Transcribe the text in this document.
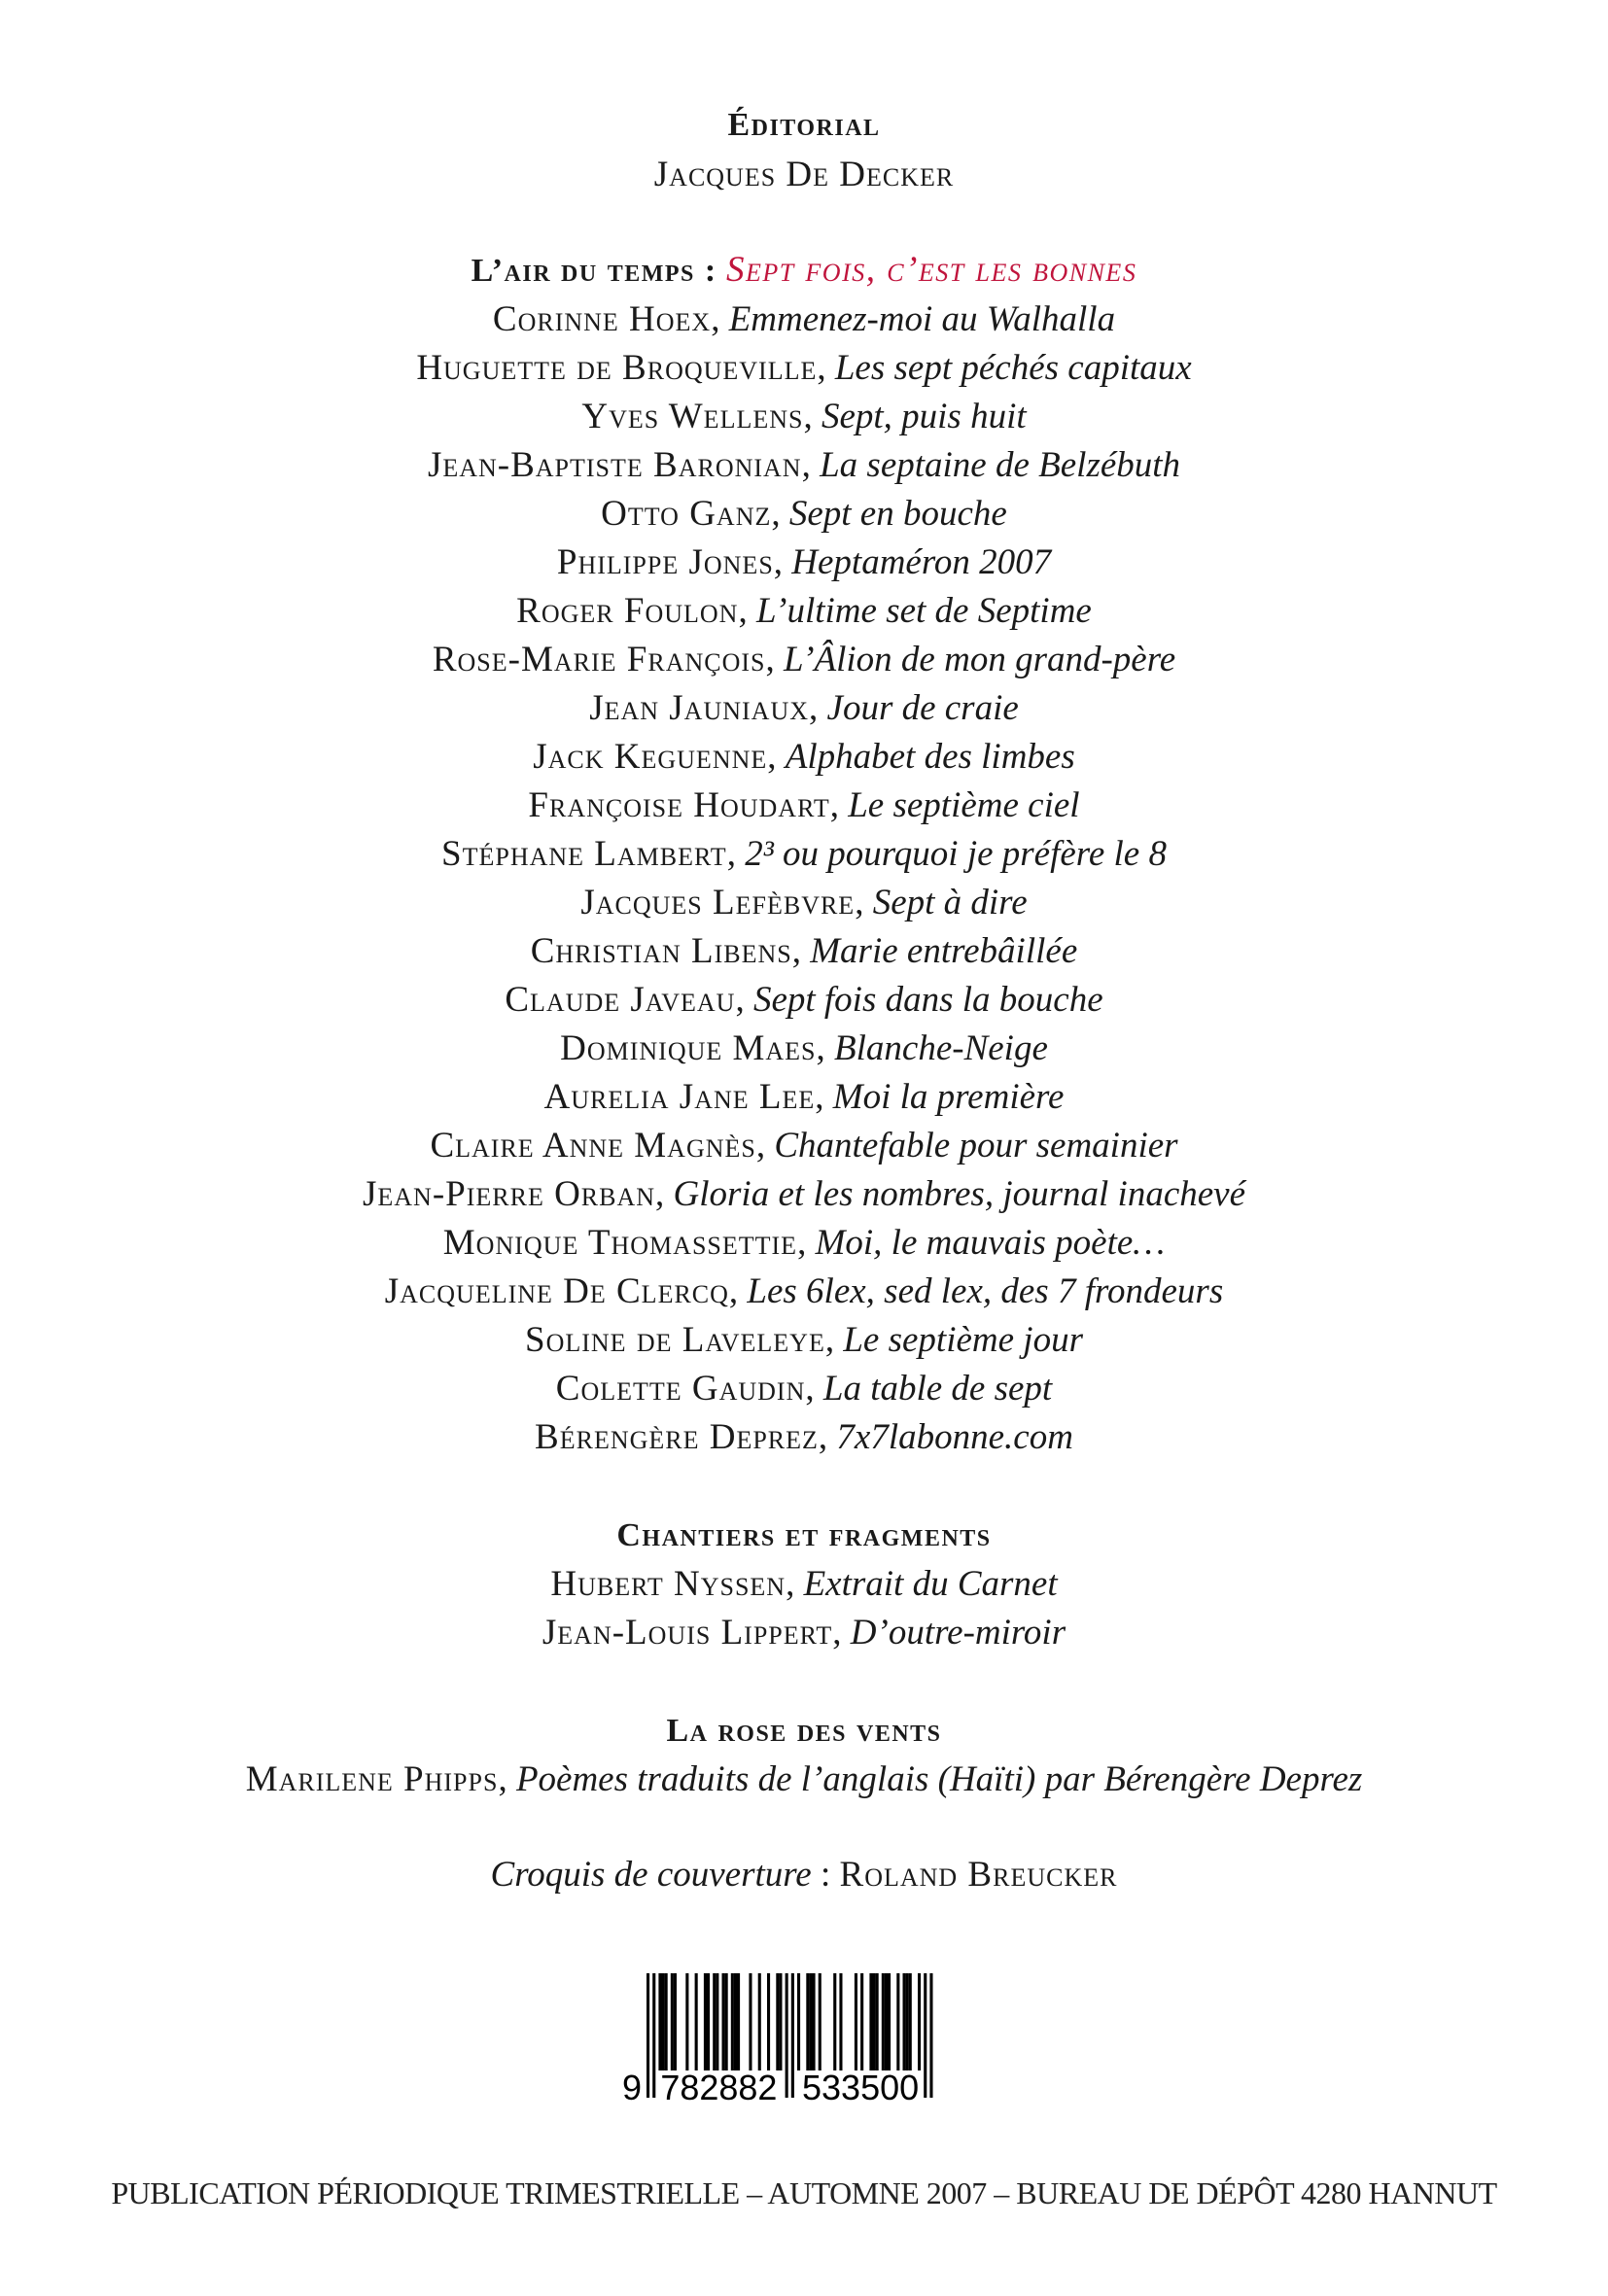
Éditorial
Jacques De Decker
L’air du temps : Sept fois, c’est les bonnes
Corinne Hoex, Emmenez-moi au Walhalla
Huguette de Broqueville, Les sept péchés capitaux
Yves Wellens, Sept, puis huit
Jean-Baptiste Baronian, La septaine de Belzébuth
Otto Ganz, Sept en bouche
Philippe Jones, Heptaméron 2007
Roger Foulon, L’ultime set de Septime
Rose-Marie François, L’Âlion de mon grand-père
Jean Jauniaux, Jour de craie
Jack Keguenne, Alphabet des limbes
Françoise Houdart, Le septième ciel
Stéphane Lambert, 2³ ou pourquoi je préfère le 8
Jacques Lefèbvre, Sept à dire
Christian Libens, Marie entrebâillée
Claude Javeau, Sept fois dans la bouche
Dominique Maes, Blanche-Neige
Aurelia Jane Lee, Moi la première
Claire Anne Magnès, Chantefable pour semainier
Jean-Pierre Orban, Gloria et les nombres, journal inachevé
Monique Thomassettie, Moi, le mauvais poète…
Jacqueline De Clercq, Les 6lex, sed lex, des 7 frondeurs
Soline de Laveleye, Le septième jour
Colette Gaudin, La table de sept
Bérengère Deprez, 7x7labonne.com
Chantiers et fragments
Hubert Nyssen, Extrait du Carnet
Jean-Louis Lippert, D’outre-miroir
La rose des vents
Marilene Phipps, Poèmes traduits de l’anglais (Haïti) par Bérengère Deprez
Croquis de couverture : Roland Breucker
9 782882 533500
PUBLICATION PÉRIODIQUE TRIMESTRIELLE – AUTOMNE 2007 – BUREAU DE DÉPÔT 4280 HANNUT
